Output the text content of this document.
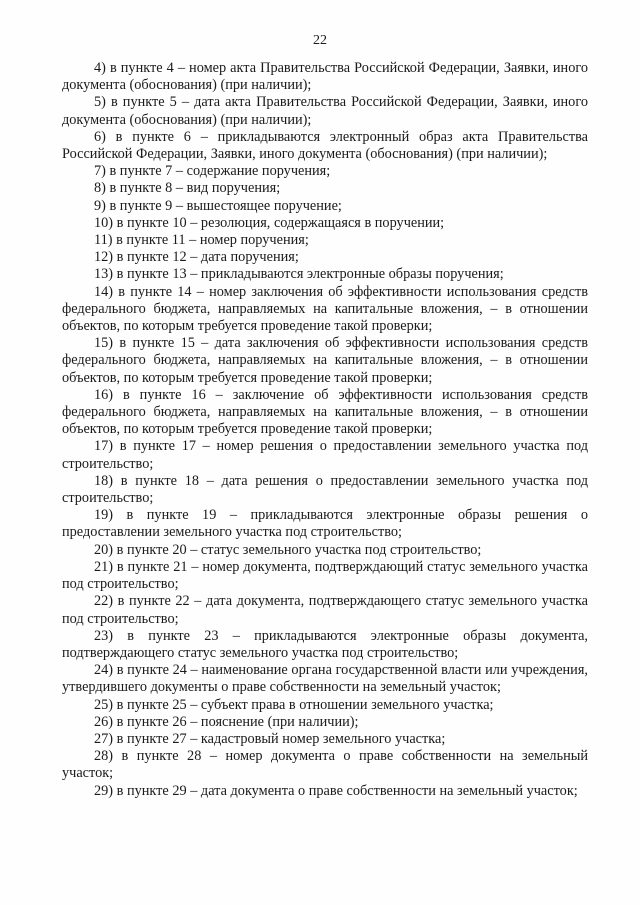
22

4) в пункте 4 – номер акта Правительства Российской Федерации, Заявки, иного документа (обоснования) (при наличии);

5) в пункте 5 – дата акта Правительства Российской Федерации, Заявки, иного документа (обоснования) (при наличии);

6) в пункте 6 – прикладываются электронный образ акта Правительства Российской Федерации, Заявки, иного документа (обоснования) (при наличии);

7) в пункте 7 – содержание поручения;

8) в пункте 8 – вид поручения;

9) в пункте 9 – вышестоящее поручение;

10) в пункте 10 – резолюция, содержащаяся в поручении;

11) в пункте 11 – номер поручения;

12) в пункте 12 – дата поручения;

13) в пункте 13 – прикладываются электронные образы поручения;

14) в пункте 14 – номер заключения об эффективности использования средств федерального бюджета, направляемых на капитальные вложения, – в отношении объектов, по которым требуется проведение такой проверки;

15) в пункте 15 – дата заключения об эффективности использования средств федерального бюджета, направляемых на капитальные вложения, – в отношении объектов, по которым требуется проведение такой проверки;

16) в пункте 16 – заключение об эффективности использования средств федерального бюджета, направляемых на капитальные вложения, – в отношении объектов, по которым требуется проведение такой проверки;

17) в пункте 17 – номер решения о предоставлении земельного участка под строительство;

18) в пункте 18 – дата решения о предоставлении земельного участка под строительство;

19) в пункте 19 – прикладываются электронные образы решения о предоставлении земельного участка под строительство;

20) в пункте 20 – статус земельного участка под строительство;

21) в пункте 21 – номер документа, подтверждающий статус земельного участка под строительство;

22) в пункте 22 – дата документа, подтверждающего статус земельного участка под строительство;

23) в пункте 23 – прикладываются электронные образы документа, подтверждающего статус земельного участка под строительство;

24) в пункте 24 – наименование органа государственной власти или учреждения, утвердившего документы о праве собственности на земельный участок;

25) в пункте 25 – субъект права в отношении земельного участка;

26) в пункте 26 – пояснение (при наличии);

27) в пункте 27 – кадастровый номер земельного участка;

28) в пункте 28 – номер документа о праве собственности на земельный участок;

29) в пункте 29 – дата документа о праве собственности на земельный участок;
